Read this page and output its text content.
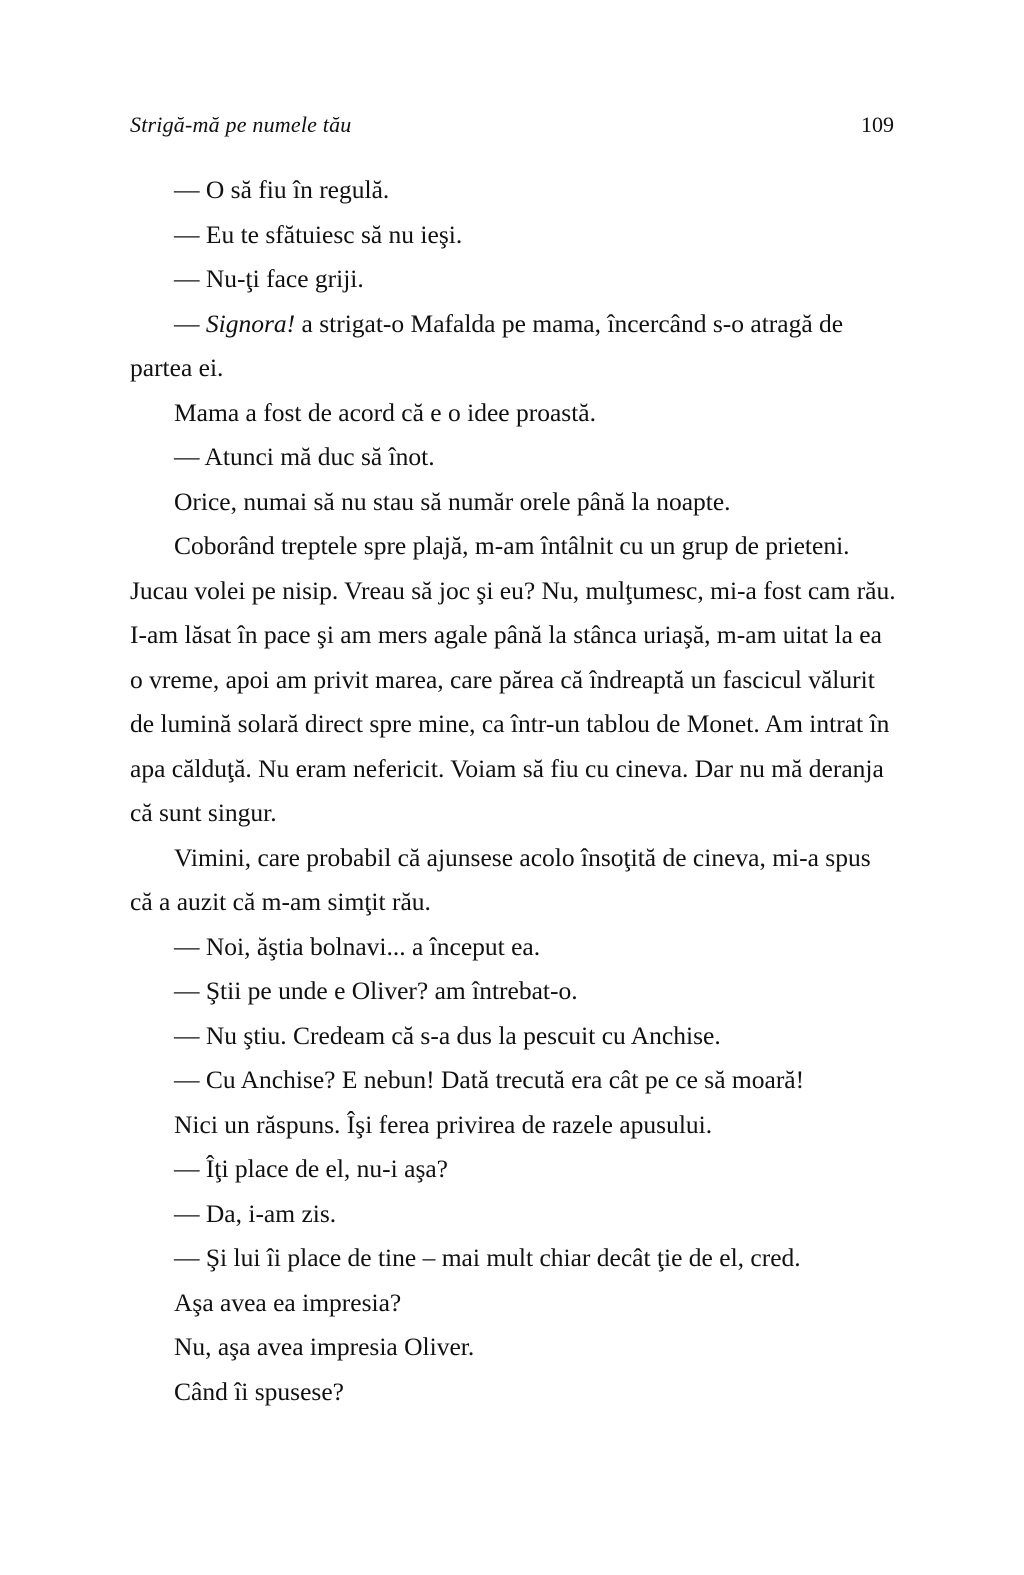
Strigă-mă pe numele tău	109

— O să fiu în regulă.

— Eu te sfătuiesc să nu ieşi.

— Nu-ţi face griji.

— Signora! a strigat-o Mafalda pe mama, încercând s-o atragă de partea ei.

Mama a fost de acord că e o idee proastă.

— Atunci mă duc să înot.

Orice, numai să nu stau să număr orele până la noapte.

Coborând treptele spre plajă, m-am întâlnit cu un grup de prieteni. Jucau volei pe nisip. Vreau să joc şi eu? Nu, mulţumesc, mi-a fost cam rău. I-am lăsat în pace şi am mers agale până la stânca uriaşă, m-am uitat la ea o vreme, apoi am privit marea, care părea că îndreaptă un fascicul vălurit de lumină solară direct spre mine, ca într-un tablou de Monet. Am intrat în apa călduţă. Nu eram nefericit. Voiam să fiu cu cineva. Dar nu mă deranja că sunt singur.

Vimini, care probabil că ajunsese acolo însoţită de cineva, mi-a spus că a auzit că m-am simţit rău.

— Noi, ăştia bolnavi... a început ea.

— Ştii pe unde e Oliver? am întrebat-o.

— Nu ştiu. Credeam că s-a dus la pescuit cu Anchise.

— Cu Anchise? E nebun! Dată trecută era cât pe ce să moară!

Nici un răspuns. Îşi ferea privirea de razele apusului.

— Îţi place de el, nu-i aşa?

— Da, i-am zis.

— Şi lui îi place de tine – mai mult chiar decât ţie de el, cred.

Aşa avea ea impresia?

Nu, aşa avea impresia Oliver.

Când îi spusese?
